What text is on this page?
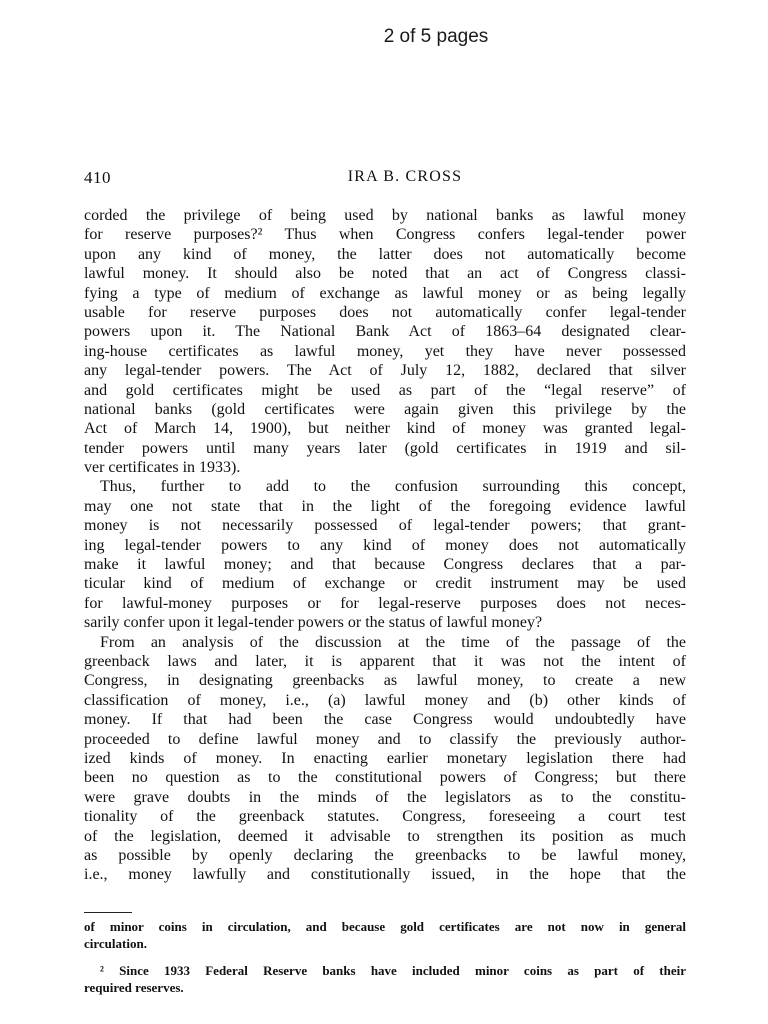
2 of 5 pages
410	IRA B. CROSS
corded the privilege of being used by national banks as lawful money
for reserve purposes?² Thus when Congress confers legal-tender power
upon any kind of money, the latter does not automatically become
lawful money. It should also be noted that an act of Congress classi-
fying a type of medium of exchange as lawful money or as being legally
usable for reserve purposes does not automatically confer legal-tender
powers upon it. The National Bank Act of 1863–64 designated clear-
ing-house certificates as lawful money, yet they have never possessed
any legal-tender powers. The Act of July 12, 1882, declared that silver
and gold certificates might be used as part of the “legal reserve” of
national banks (gold certificates were again given this privilege by the
Act of March 14, 1900), but neither kind of money was granted legal-
tender powers until many years later (gold certificates in 1919 and sil-
ver certificates in 1933).
Thus, further to add to the confusion surrounding this concept,
may one not state that in the light of the foregoing evidence lawful
money is not necessarily possessed of legal-tender powers; that grant-
ing legal-tender powers to any kind of money does not automatically
make it lawful money; and that because Congress declares that a par-
ticular kind of medium of exchange or credit instrument may be used
for lawful-money purposes or for legal-reserve purposes does not neces-
sarily confer upon it legal-tender powers or the status of lawful money?
From an analysis of the discussion at the time of the passage of the
greenback laws and later, it is apparent that it was not the intent of
Congress, in designating greenbacks as lawful money, to create a new
classification of money, i.e., (a) lawful money and (b) other kinds of
money. If that had been the case Congress would undoubtedly have
proceeded to define lawful money and to classify the previously author-
ized kinds of money. In enacting earlier monetary legislation there had
been no question as to the constitutional powers of Congress; but there
were grave doubts in the minds of the legislators as to the constitu-
tionality of the greenback statutes. Congress, foreseeing a court test
of the legislation, deemed it advisable to strengthen its position as much
as possible by openly declaring the greenbacks to be lawful money,
i.e., money lawfully and constitutionally issued, in the hope that the
of minor coins in circulation, and because gold certificates are not now in general
circulation.
² Since 1933 Federal Reserve banks have included minor coins as part of their
required reserves.
